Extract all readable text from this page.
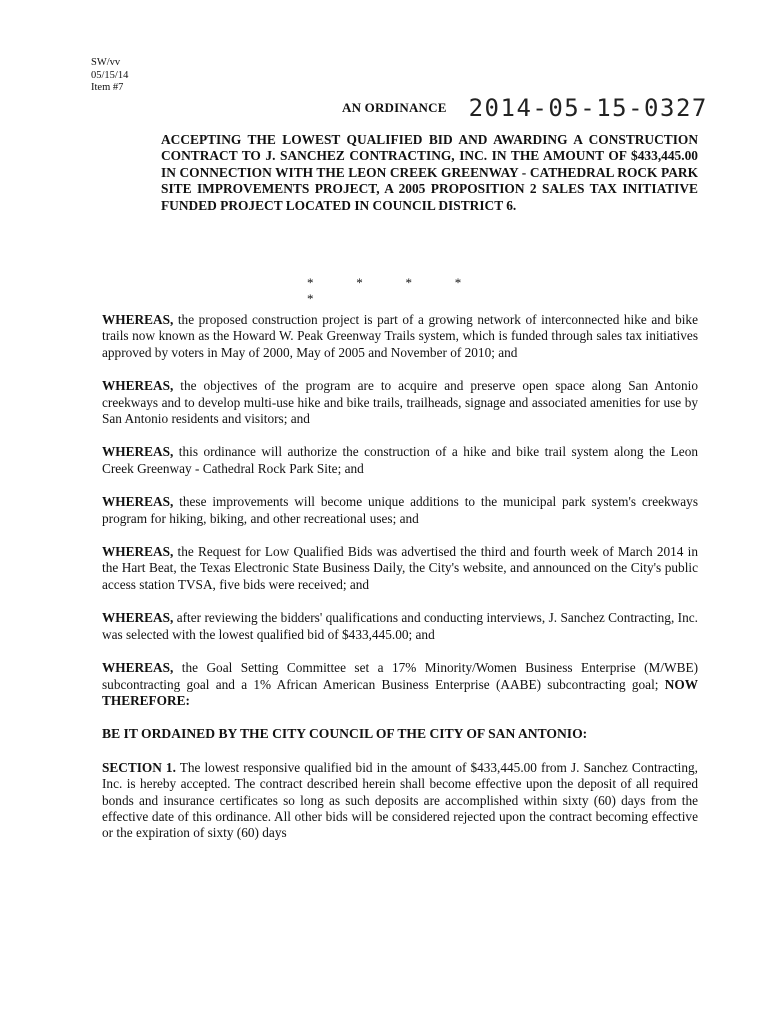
SW/vv
05/15/14
Item #7
AN ORDINANCE 2014-05-15-0327
ACCEPTING THE LOWEST QUALIFIED BID AND AWARDING A CONSTRUCTION CONTRACT TO J. SANCHEZ CONTRACTING, INC. IN THE AMOUNT OF $433,445.00 IN CONNECTION WITH THE LEON CREEK GREENWAY - CATHEDRAL ROCK PARK SITE IMPROVEMENTS PROJECT, A 2005 PROPOSITION 2 SALES TAX INITIATIVE FUNDED PROJECT LOCATED IN COUNCIL DISTRICT 6.
*	*	*	* *

WHEREAS, the proposed construction project is part of a growing network of interconnected hike and bike trails now known as the Howard W. Peak Greenway Trails system, which is funded through sales tax initiatives approved by voters in May of 2000, May of 2005 and November of 2010; and

WHEREAS, the objectives of the program are to acquire and preserve open space along San Antonio creekways and to develop multi-use hike and bike trails, trailheads, signage and associated amenities for use by San Antonio residents and visitors; and

WHEREAS, this ordinance will authorize the construction of a hike and bike trail system along the Leon Creek Greenway - Cathedral Rock Park Site; and

WHEREAS, these improvements will become unique additions to the municipal park system's creekways program for hiking, biking, and other recreational uses; and

WHEREAS, the Request for Low Qualified Bids was advertised the third and fourth week of March 2014 in the Hart Beat, the Texas Electronic State Business Daily, the City's website, and announced on the City's public access station TVSA, five bids were received; and

WHEREAS, after reviewing the bidders' qualifications and conducting interviews, J. Sanchez Contracting, Inc. was selected with the lowest qualified bid of $433,445.00; and

WHEREAS, the Goal Setting Committee set a 17% Minority/Women Business Enterprise (M/WBE) subcontracting goal and a 1% African American Business Enterprise (AABE) subcontracting goal; NOW THEREFORE:

BE IT ORDAINED BY THE CITY COUNCIL OF THE CITY OF SAN ANTONIO:

SECTION 1. The lowest responsive qualified bid in the amount of $433,445.00 from J. Sanchez Contracting, Inc. is hereby accepted. The contract described herein shall become effective upon the deposit of all required bonds and insurance certificates so long as such deposits are accomplished within sixty (60) days from the effective date of this ordinance. All other bids will be considered rejected upon the contract becoming effective or the expiration of sixty (60) days
